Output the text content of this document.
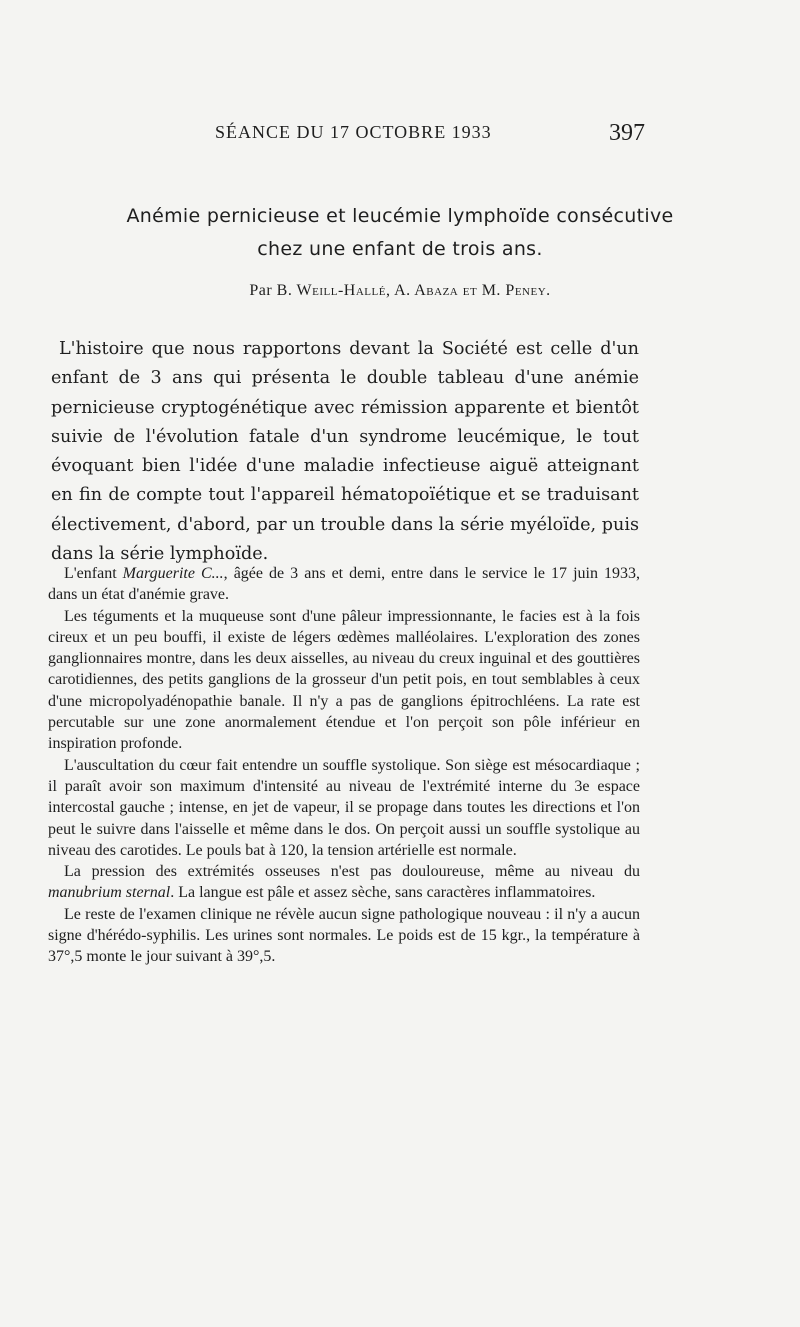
SÉANCE DU 17 OCTOBRE 1933	397
Anémie pernicieuse et leucémie lymphoïde consécutive
chez une enfant de trois ans.
Par B. Weill-Hallé, A. Abaza et M. Peney.
L'histoire que nous rapportons devant la Société est celle d'un enfant de 3 ans qui présenta le double tableau d'une anémie pernicieuse cryptogénétique avec rémission apparente et bientôt suivie de l'évolution fatale d'un syndrome leucémique, le tout évoquant bien l'idée d'une maladie infectieuse aiguë atteignant en fin de compte tout l'appareil hématopoïétique et se traduisant électivement, d'abord, par un trouble dans la série myéloïde, puis dans la série lymphoïde.

L'enfant Marguerite C..., âgée de 3 ans et demi, entre dans le service le 17 juin 1933, dans un état d'anémie grave.

Les téguments et la muqueuse sont d'une pâleur impressionnante, le facies est à la fois cireux et un peu bouffi, il existe de légers œdèmes malléolaires. L'exploration des zones ganglionnaires montre, dans les deux aisselles, au niveau du creux inguinal et des gouttières carotidiennes, des petits ganglions de la grosseur d'un petit pois, en tout semblables à ceux d'une micropolyadénopathie banale. Il n'y a pas de ganglions épitrochléens. La rate est percutable sur une zone anormalement étendue et l'on perçoit son pôle inférieur en inspiration profonde.

L'auscultation du cœur fait entendre un souffle systolique. Son siège est mésocardiaque ; il paraît avoir son maximum d'intensité au niveau de l'extrémité interne du 3e espace intercostal gauche ; intense, en jet de vapeur, il se propage dans toutes les directions et l'on peut le suivre dans l'aisselle et même dans le dos. On perçoit aussi un souffle systolique au niveau des carotides. Le pouls bat à 120, la tension artérielle est normale.

La pression des extrémités osseuses n'est pas douloureuse, même au niveau du manubrium sternal. La langue est pâle et assez sèche, sans caractères inflammatoires.

Le reste de l'examen clinique ne révèle aucun signe pathologique nouveau : il n'y a aucun signe d'hérédo-syphilis. Les urines sont normales. Le poids est de 15 kgr., la température à 37°,5 monte le jour suivant à 39°,5.
